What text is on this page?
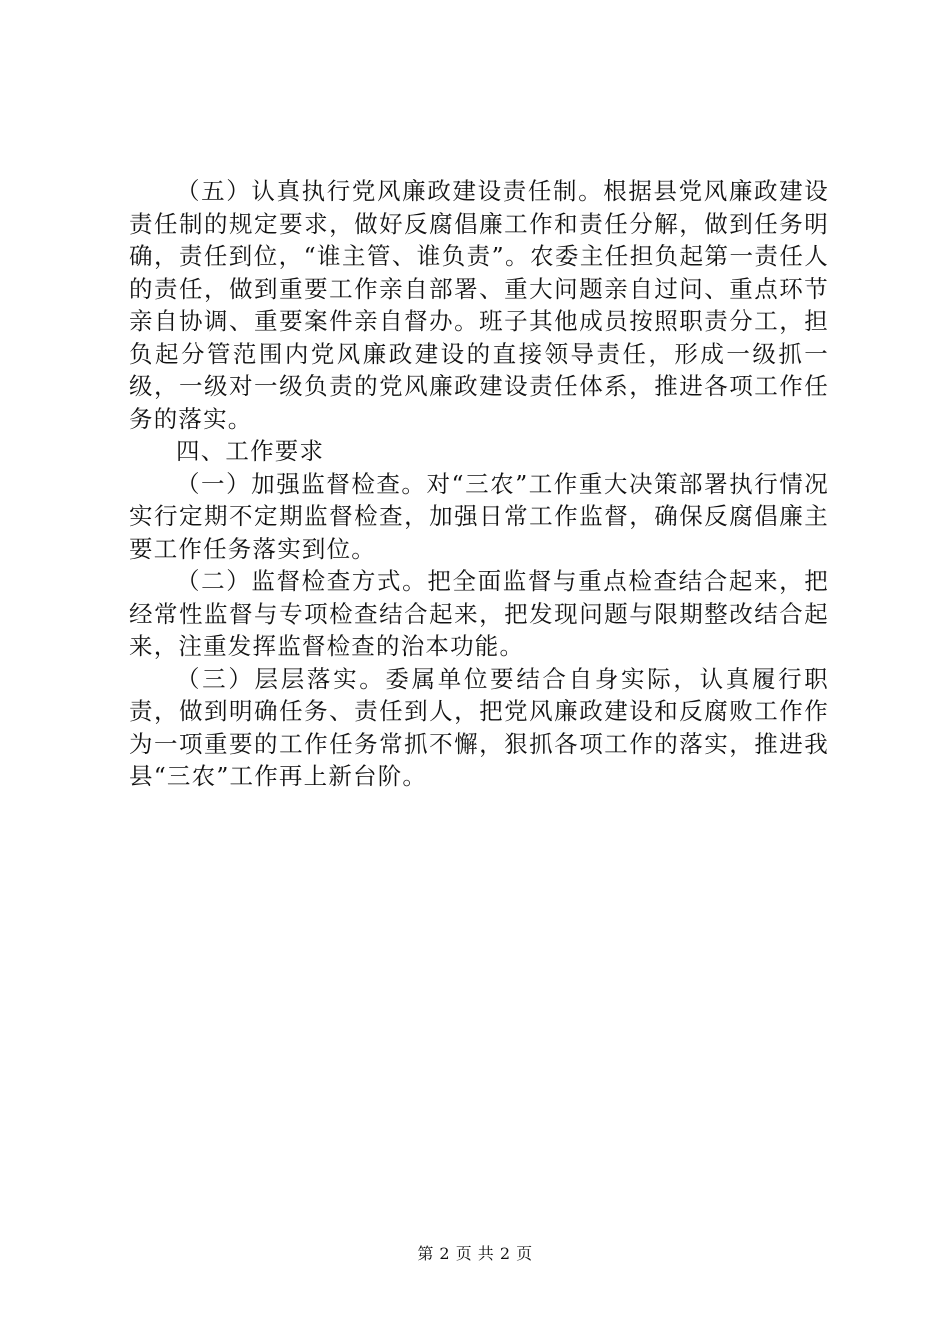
（五）认真执行党风廉政建设责任制。根据县党风廉政建设责任制的规定要求，做好反腐倡廉工作和责任分解，做到任务明确，责任到位，“谁主管、谁负责”。农委主任担负起第一责任人的责任，做到重要工作亲自部署、重大问题亲自过问、重点环节亲自协调、重要案件亲自督办。班子其他成员按照职责分工，担负起分管范围内党风廉政建设的直接领导责任，形成一级抓一级，一级对一级负责的党风廉政建设责任体系，推进各项工作任务的落实。

四、工作要求

（一）加强监督检查。对“三农”工作重大决策部署执行情况实行定期不定期监督检查，加强日常工作监督，确保反腐倡廉主要工作任务落实到位。

（二）监督检查方式。把全面监督与重点检查结合起来，把经常性监督与专项检查结合起来，把发现问题与限期整改结合起来，注重发挥监督检查的治本功能。

（三）层层落实。委属单位要结合自身实际，认真履行职责，做到明确任务、责任到人，把党风廉政建设和反腐败工作作为一项重要的工作任务常抓不懈，狠抓各项工作的落实，推进我县“三农”工作再上新台阶。

第 2 页 共 2 页
